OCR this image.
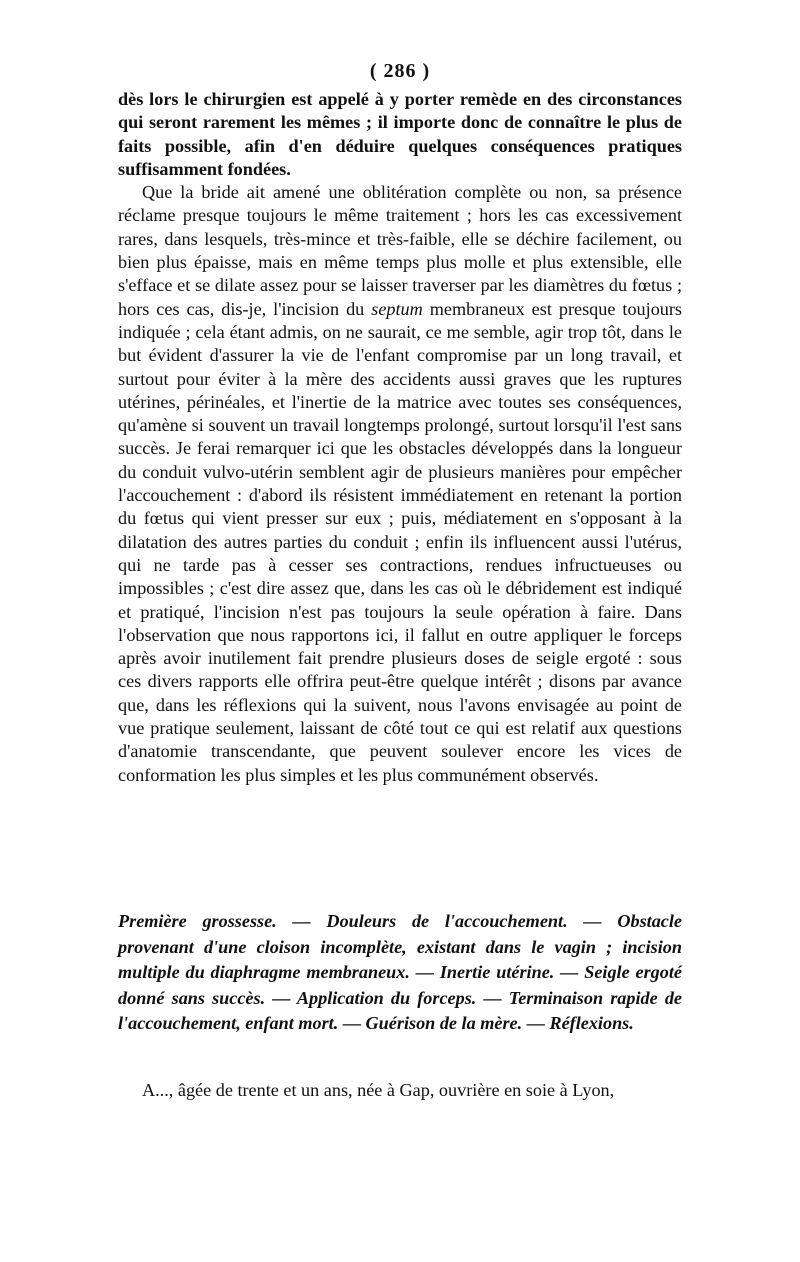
( 286 )

dès lors le chirurgien est appelé à y porter remède en des circonstances qui seront rarement les mêmes ; il importe donc de connaître le plus de faits possible, afin d'en déduire quelques conséquences pratiques suffisamment fondées.

Que la bride ait amené une oblitération complète ou non, sa présence réclame presque toujours le même traitement ; hors les cas excessivement rares, dans lesquels, très-mince et très-faible, elle se déchire facilement, ou bien plus épaisse, mais en même temps plus molle et plus extensible, elle s'efface et se dilate assez pour se laisser traverser par les diamètres du fœtus ; hors ces cas, dis-je, l'incision du septum membraneux est presque toujours indiquée ; cela étant admis, on ne saurait, ce me semble, agir trop tôt, dans le but évident d'assurer la vie de l'enfant compromise par un long travail, et surtout pour éviter à la mère des accidents aussi graves que les ruptures utérines, périnéales, et l'inertie de la matrice avec toutes ses conséquences, qu'amène si souvent un travail longtemps prolongé, surtout lorsqu'il l'est sans succès. Je ferai remarquer ici que les obstacles développés dans la longueur du conduit vulvo-utérin semblent agir de plusieurs manières pour empêcher l'accouchement : d'abord ils résistent immédiatement en retenant la portion du fœtus qui vient presser sur eux ; puis, médiatement en s'opposant à la dilatation des autres parties du conduit ; enfin ils influencent aussi l'utérus, qui ne tarde pas à cesser ses contractions, rendues infructueuses ou impossibles ; c'est dire assez que, dans les cas où le débridement est indiqué et pratiqué, l'incision n'est pas toujours la seule opération à faire. Dans l'observation que nous rapportons ici, il fallut en outre appliquer le forceps après avoir inutilement fait prendre plusieurs doses de seigle ergoté : sous ces divers rapports elle offrira peut-être quelque intérêt ; disons par avance que, dans les réflexions qui la suivent, nous l'avons envisagée au point de vue pratique seulement, laissant de côté tout ce qui est relatif aux questions d'anatomie transcendante, que peuvent soulever encore les vices de conformation les plus simples et les plus communément observés.

Première grossesse. — Douleurs de l'accouchement. — Obstacle provenant d'une cloison incomplète, existant dans le vagin ; incision multiple du diaphragme membraneux. — Inertie utérine. — Seigle ergoté donné sans succès. — Application du forceps. — Terminaison rapide de l'accouchement, enfant mort. — Guérison de la mère. — Réflexions.
A..., âgée de trente et un ans, née à Gap, ouvrière en soie à Lyon,
